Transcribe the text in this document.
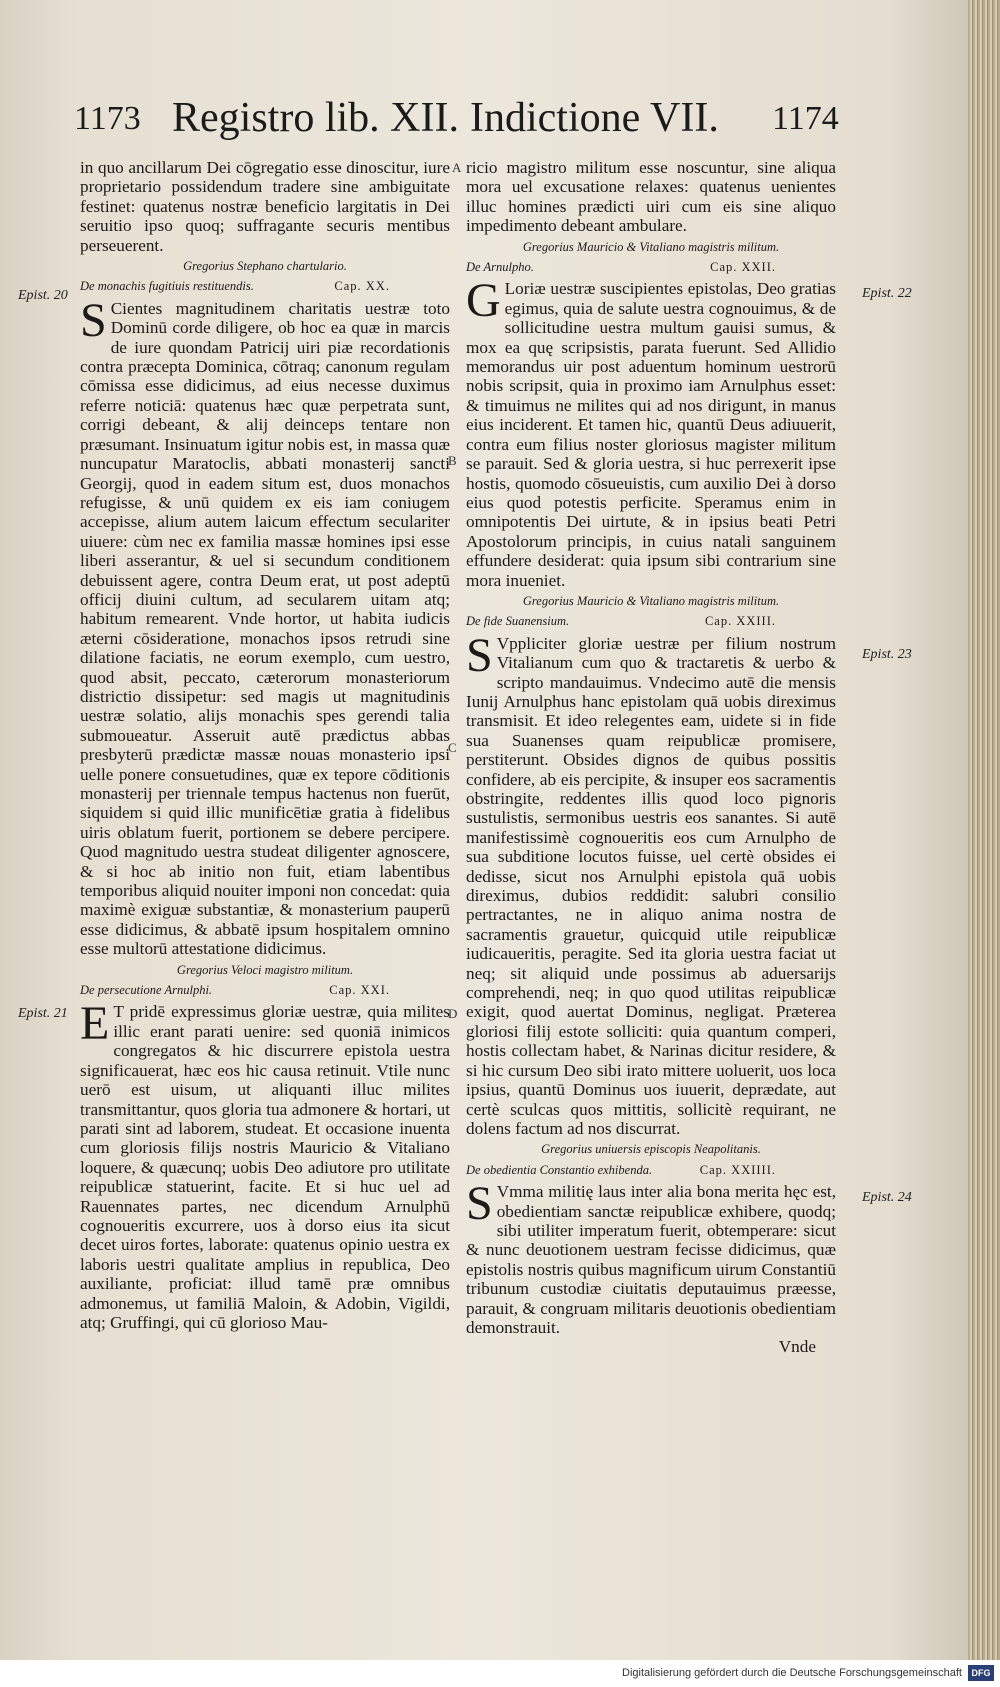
1173 Registro lib. XII. Indictione VII. 1174

in quo ancillarum Dei cōgregatio esse dinoscitur, iure proprietario possidendum tradere sine ambiguitate festinet: quatenus nostræ beneficio largitatis in Dei seruitio ipso quoq; suffragante securis mentibus perseuerent.

Gregorius Stephano chartulario.
De monachis fugitiuis restituendis.	Cap. XX.

S Cientes magnitudinem charitatis uestræ toto Dominū corde diligere, ob hoc ea quæ in marcis de iure quondam Patricij uiri piæ recordationis contra præcepta Dominica, cōtraq; canonum regulam cōmissa esse didicimus, ad eius necesse duximus referre noticiā: quatenus hæc quæ perpetrata sunt, corrigi debeant, & alij deinceps tentare non præsumant. Insinuatum igitur nobis est, in massa quæ nuncupatur Maratoclis, abbati monasterij sancti Georgij, quod in eadem situm est, duos monachos refugisse, & unū quidem ex eis iam coniugem accepisse, alium autem laicum effectum seculariter uiuere: cùm nec ex familia massæ homines ipsi esse liberi asserantur, & uel si secundum conditionem debuissent agere, contra Deum erat, ut post adeptū officij diuini cultum, ad secularem uitam atq; habitum remearent. Vnde hortor, ut habita iudicis æterni cōsideratione, monachos ipsos retrudi sine dilatione faciatis, ne eorum exemplo, cum uestro, quod absit, peccato, cæterorum monasteriorum districtio dissipetur: sed magis ut magnitudinis uestræ solatio, alijs monachis spes gerendi talia submoueatur. Asseruit autē prædictus abbas presbyterū prædictæ massæ nouas monasterio ipsi uelle ponere consuetudines, quæ ex tepore cōditionis monasterij per triennale tempus hactenus non fuerūt, siquidem si quid illic munificētiæ gratia à fidelibus uiris oblatum fuerit, portionem se debere percipere. Quod magnitudo uestra studeat diligenter agnoscere, & si hoc ab initio non fuit, etiam labentibus temporibus aliquid nouiter imponi non concedat: quia maximè exiguæ substantiæ, & monasterium pauperū esse didicimus, & abbatē ipsum hospitalem omnino esse multorū attestatione didicimus.

Gregorius Veloci magistro militum.
De persecutione Arnulphi.	Cap. XXI.

E T pridē expressimus gloriæ uestræ, quia milites illic erant parati uenire: sed quoniā inimicos congregatos & hic discurrere epistola uestra significauerat, hæc eos hic causa retinuit. Vtile nunc uerō est uisum, ut aliquanti illuc milites transmittantur, quos gloria tua admonere & hortari, ut parati sint ad laborem, studeat. Et occasione inuenta cum gloriosis filijs nostris Mauricio & Vitaliano loquere, & quæcunq; uobis Deo adiutore pro utilitate reipublicæ statuerint, facite. Et si huc uel ad Rauennates partes, nec dicendum Arnulphū cognoueritis excurrere, uos à dorso eius ita sicut decet uiros fortes, laborate: quatenus opinio uestra ex laboris uestri qualitate amplius in republica, Deo auxiliante, proficiat: illud tamē præ omnibus admonemus, ut familiā Maloin, & Adobin, Vigildi, atq; Gruffingi, qui cū glorioso Mau-

ricio magistro militum esse noscuntur, sine aliqua mora uel excusatione relaxes: quatenus uenientes illuc homines prædicti uiri cum eis sine aliquo impedimento debeant ambulare.

Gregorius Mauricio & Vitaliano magistris militum.
De Arnulpho.	Cap. XXII.

G Loriæ uestræ suscipientes epistolas, Deo gratias egimus, quia de salute uestra cognouimus, & de sollicitudine uestra multum gauisi sumus, & mox ea quę scripsistis, parata fuerunt. Sed Allidio memorandus uir post aduentum hominum uestrorū nobis scripsit, quia in proximo iam Arnulphus esset: & timuimus ne milites qui ad nos dirigunt, in manus eius inciderent. Et tamen hic, quantū Deus adiuuerit, contra eum filius noster gloriosus magister militum se parauit. Sed & gloria uestra, si huc perrexerit ipse hostis, quomodo cōsueuistis, cum auxilio Dei à dorso eius quod potestis perficite. Speramus enim in omnipotentis Dei uirtute, & in ipsius beati Petri Apostolorum principis, in cuius natali sanguinem effundere desiderat: quia ipsum sibi contrarium sine mora inueniet.

Gregorius Mauricio & Vitaliano magistris militum.
De fide Suanensium.	Cap. XXIII.

S Vppliciter gloriæ uestræ per filium nostrum Vitalianum cum quo & tractaretis & uerbo & scripto mandauimus. Vndecimo autē die mensis Iunij Arnulphus hanc epistolam quā uobis direximus transmisit. Et ideo relegentes eam, uidete si in fide sua Suanenses quam reipublicæ promisere, perstiterunt. Obsides dignos de quibus possitis confidere, ab eis percipite, & insuper eos sacramentis obstringite, reddentes illis quod loco pignoris sustulistis, sermonibus uestris eos sanantes. Si autē manifestissimè cognoueritis eos cum Arnulpho de sua subditione locutos fuisse, uel certè obsides ei dedisse, sicut nos Arnulphi epistola quā uobis direximus, dubios reddidit: salubri consilio pertractantes, ne in aliquo anima nostra de sacramentis grauetur, quicquid utile reipublicæ iudicaueritis, peragite. Sed ita gloria uestra faciat ut neq; sit aliquid unde possimus ab aduersarijs comprehendi, neq; in quo quod utilitas reipublicæ exigit, quod auertat Dominus, negligat. Præterea gloriosi filij estote solliciti: quia quantum comperi, hostis collectam habet, & Narinas dicitur residere, & si hic cursum Deo sibi irato mittere uoluerit, uos loca ipsius, quantū Dominus uos iuuerit, deprædate, aut certè sculcas quos mittitis, sollicitè requirant, ne dolens factum ad nos discurrat.

Gregorius uniuersis episcopis Neapolitanis.
De obedientia Constantio exhibenda.	Cap. XXIIII.

S Vmma militię laus inter alia bona merita hęc est, obedientiam sanctæ reipublicæ exhibere, quodq; sibi utiliter imperatum fuerit, obtemperare: sicut & nunc deuotionem uestram fecisse didicimus, quæ epistolis nostris quibus magnificum uirum Constantiū tribunum custodiæ ciuitatis deputauimus præesse, parauit, & congruam militaris deuotionis obedientiam demonstrauit.

Vnde
Epist. 20
Epist. 21
Epist. 22
Epist. 23
Epist. 24
A
B
C
D
Digitalisierung gefördert durch die Deutsche Forschungsgemeinschaft	DFG
